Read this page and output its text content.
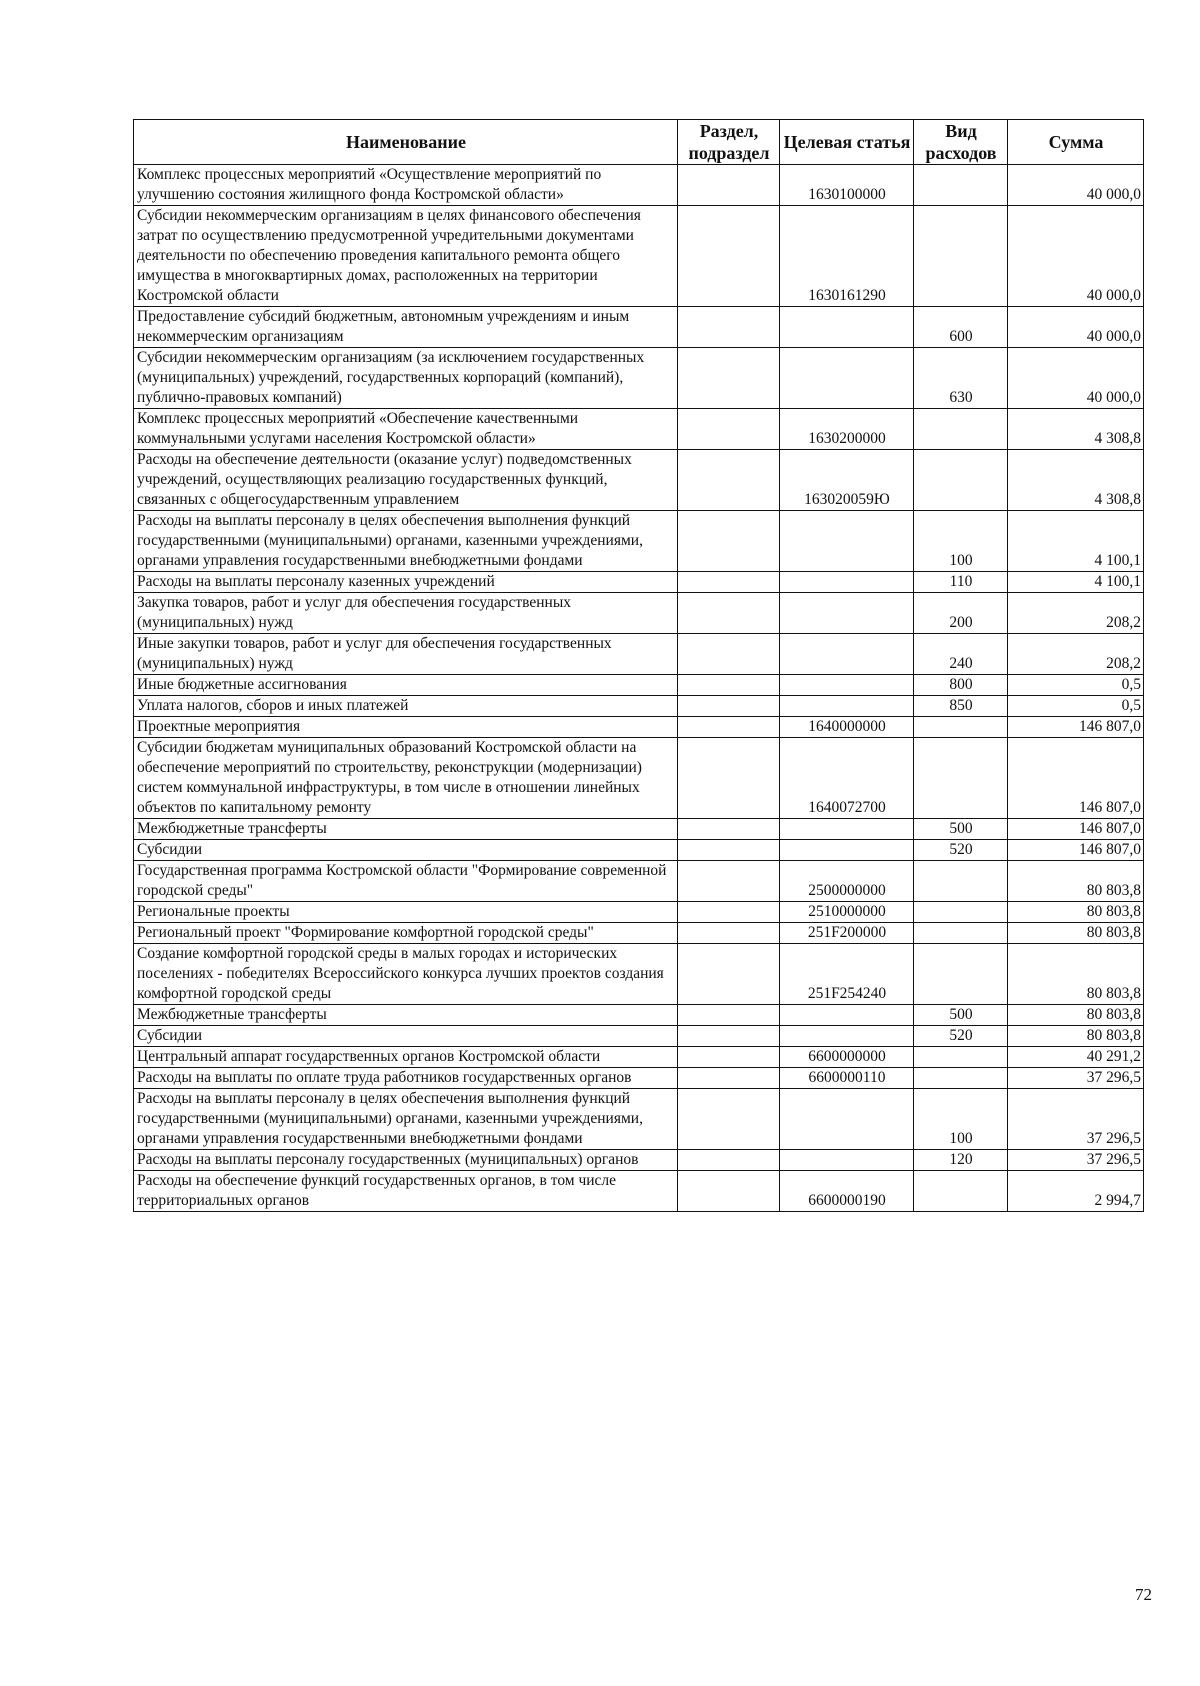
Наименование	Раздел, подраздел	Целевая статья	Вид расходов	Сумма
Комплекс процессных мероприятий «Осуществление мероприятий по улучшению состояния жилищного фонда Костромской области»		1630100000		40 000,0
Субсидии некоммерческим организациям в целях финансового обеспечения затрат по осуществлению предусмотренной учредительными документами деятельности по обеспечению проведения капитального ремонта общего имущества в многоквартирных домах, расположенных на территории Костромской области		1630161290		40 000,0
Предоставление субсидий бюджетным, автономным учреждениям и иным некоммерческим организациям			600	40 000,0
Субсидии некоммерческим организациям (за исключением государственных (муниципальных) учреждений, государственных корпораций (компаний), публично-правовых компаний)			630	40 000,0
Комплекс процессных мероприятий «Обеспечение качественными коммунальными услугами населения Костромской области»		1630200000		4 308,8
Расходы на обеспечение деятельности (оказание услуг) подведомственных учреждений, осуществляющих реализацию государственных функций, связанных с общегосударственным управлением		163020059Ю		4 308,8
Расходы на выплаты персоналу в целях обеспечения выполнения функций государственными (муниципальными) органами, казенными учреждениями, органами управления государственными внебюджетными фондами			100	4 100,1
Расходы на выплаты персоналу казенных учреждений			110	4 100,1
Закупка товаров, работ и услуг для обеспечения государственных (муниципальных) нужд			200	208,2
Иные закупки товаров, работ и услуг для обеспечения государственных (муниципальных) нужд			240	208,2
Иные бюджетные ассигнования			800	0,5
Уплата налогов, сборов и иных платежей			850	0,5
Проектные мероприятия		1640000000		146 807,0
Субсидии бюджетам муниципальных образований Костромской области на обеспечение мероприятий по строительству, реконструкции (модернизации) систем коммунальной инфраструктуры, в том числе в отношении линейных объектов по капитальному ремонту		1640072700		146 807,0
Межбюджетные трансферты			500	146 807,0
Субсидии			520	146 807,0
Государственная программа Костромской области "Формирование современной городской среды"		2500000000		80 803,8
Региональные проекты		2510000000		80 803,8
Региональный проект "Формирование комфортной городской среды"		251F200000		80 803,8
Создание комфортной городской среды в малых городах и исторических поселениях - победителях Всероссийского конкурса лучших проектов создания комфортной городской среды		251F254240		80 803,8
Межбюджетные трансферты			500	80 803,8
Субсидии			520	80 803,8
Центральный аппарат государственных органов Костромской области		6600000000		40 291,2
Расходы на выплаты по оплате труда работников государственных органов		6600000110		37 296,5
Расходы на выплаты персоналу в целях обеспечения выполнения функций государственными (муниципальными) органами, казенными учреждениями, органами управления государственными внебюджетными фондами			100	37 296,5
Расходы на выплаты персоналу государственных (муниципальных) органов			120	37 296,5
Расходы на обеспечение функций государственных органов, в том числе территориальных органов		6600000190		2 994,7
72
